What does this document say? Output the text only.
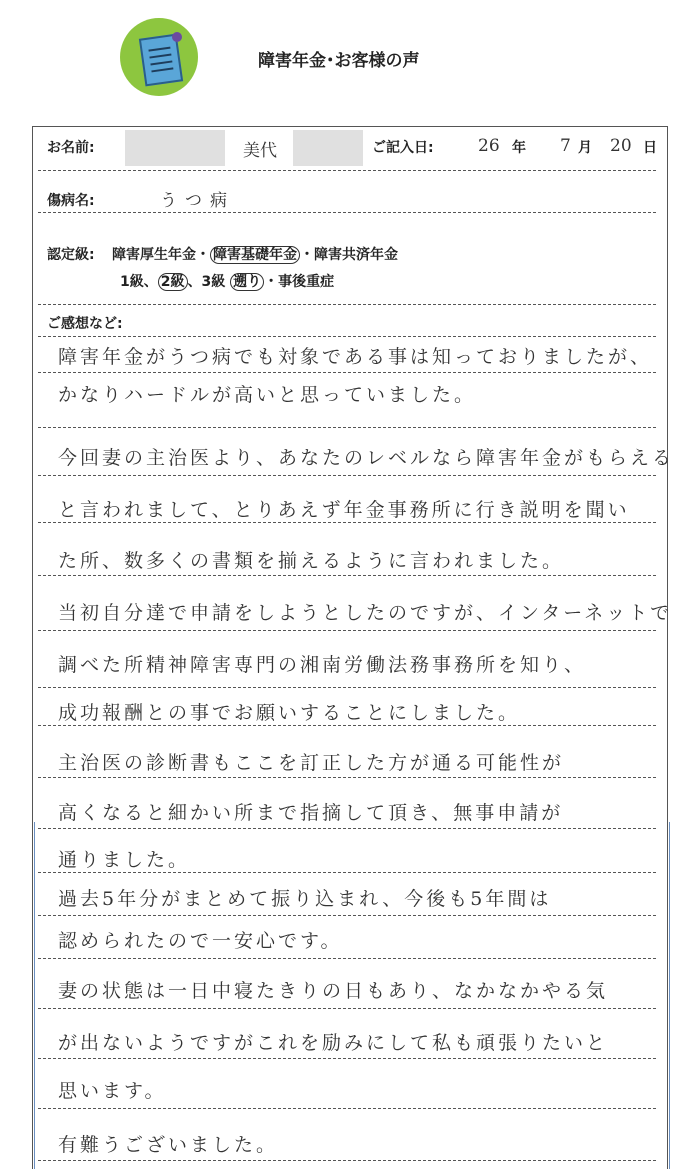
障害年金･お客様の声
お名前:	美代	ご記入日:	26 年 7 月 20 日
傷病名:	うつ病
認定級: 障害厚生年金・ 障害基礎年金 ・障害共済年金
1級、 2級 、3級 遡り ・事後重症
ご感想など:
障害年金がうつ病でも対象である事は知っておりましたが、
かなりハードルが高いと思っていました。
今回妻の主治医より、あなたのレベルなら障害年金がもらえる
と言われまして、とりあえず年金事務所に行き説明を聞い
た所、数多くの書類を揃えるように言われました。
当初自分達で申請をしようとしたのですが、インターネットで
調べた所精神障害専門の湘南労働法務事務所を知り、
成功報酬との事でお願いすることにしました。
主治医の診断書もここを訂正した方が通る可能性が
高くなると細かい所まで指摘して頂き、無事申請が
通りました。
過去5年分がまとめて振り込まれ、今後も5年間は
認められたので一安心です。
妻の状態は一日中寝たきりの日もあり、なかなかやる気
が出ないようですがこれを励みにして私も頑張りたいと
思います。
有難うございました。
